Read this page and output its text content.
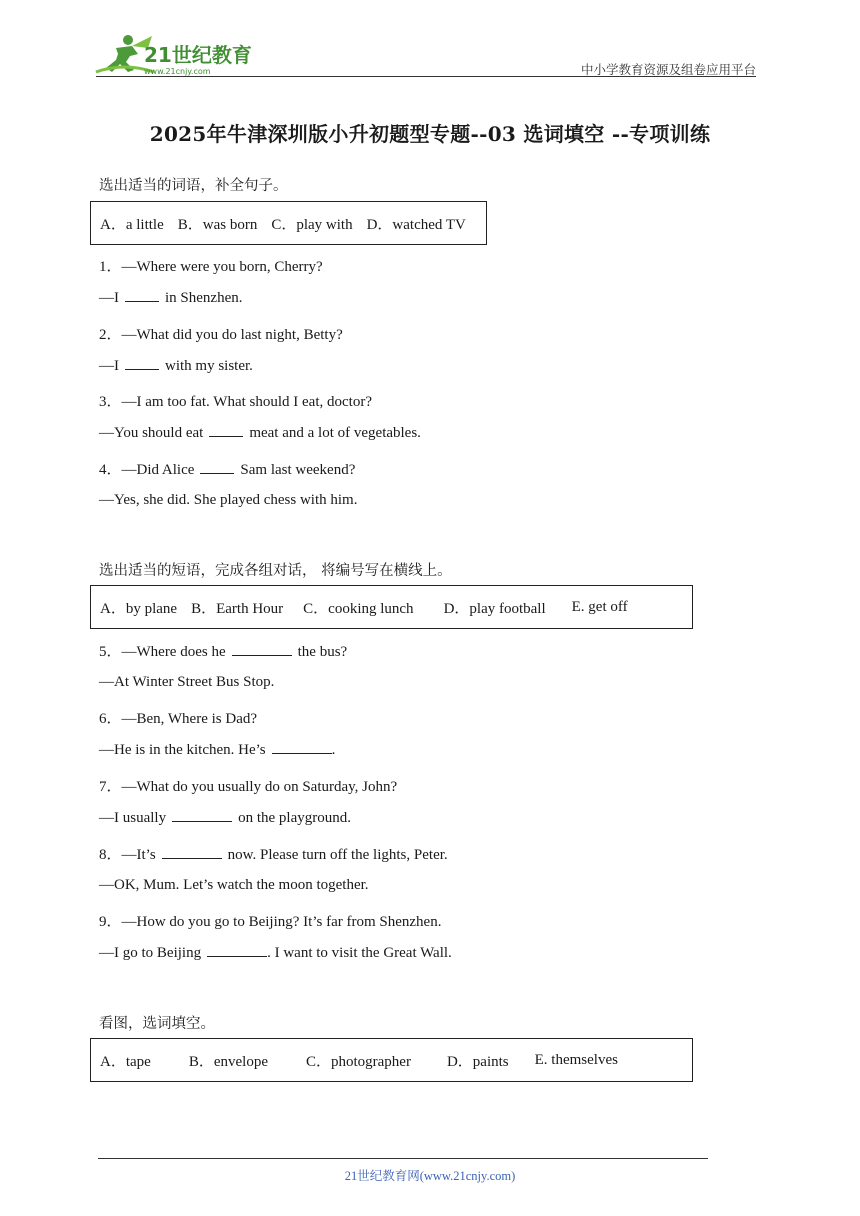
21世纪教育
www.21cnjy.com	中小学教育资源及组卷应用平台
2025年牛津深圳版小升初题型专题--03 选词填空 --专项训练
选出适当的词语，补全句子。
A．a little B．was born C．play with D．watched TV
1．—Where were you born, Cherry?
—I	in Shenzhen.
2．—What did you do last night, Betty?
—I	with my sister.
3．—I am too fat. What should I eat, doctor?
—You should eat	meat and a lot of vegetables.
4．—Did Alice	Sam last weekend?
—Yes, she did. She played chess with him.
选出适当的短语，完成各组对话， 将编号写在横线上。
A．by plane B．Earth Hour C．cooking lunch D．play football E. get off
5．—Where does he	the bus?
—At Winter Street Bus Stop.
6．—Ben, Where is Dad?
—He is in the kitchen. He’s	.
7．—What do you usually do on Saturday, John?
—I usually	on the playground.
8．—It’s	now. Please turn off the lights, Peter.
—OK, Mum. Let’s watch the moon together.
9．—How do you go to Beijing? It’s far from Shenzhen.
—I go to Beijing	. I want to visit the Great Wall.
看图，选词填空。
A．tape	B．envelope	C．photographer D．paints E. themselves
21世纪教育网(www.21cnjy.com)
